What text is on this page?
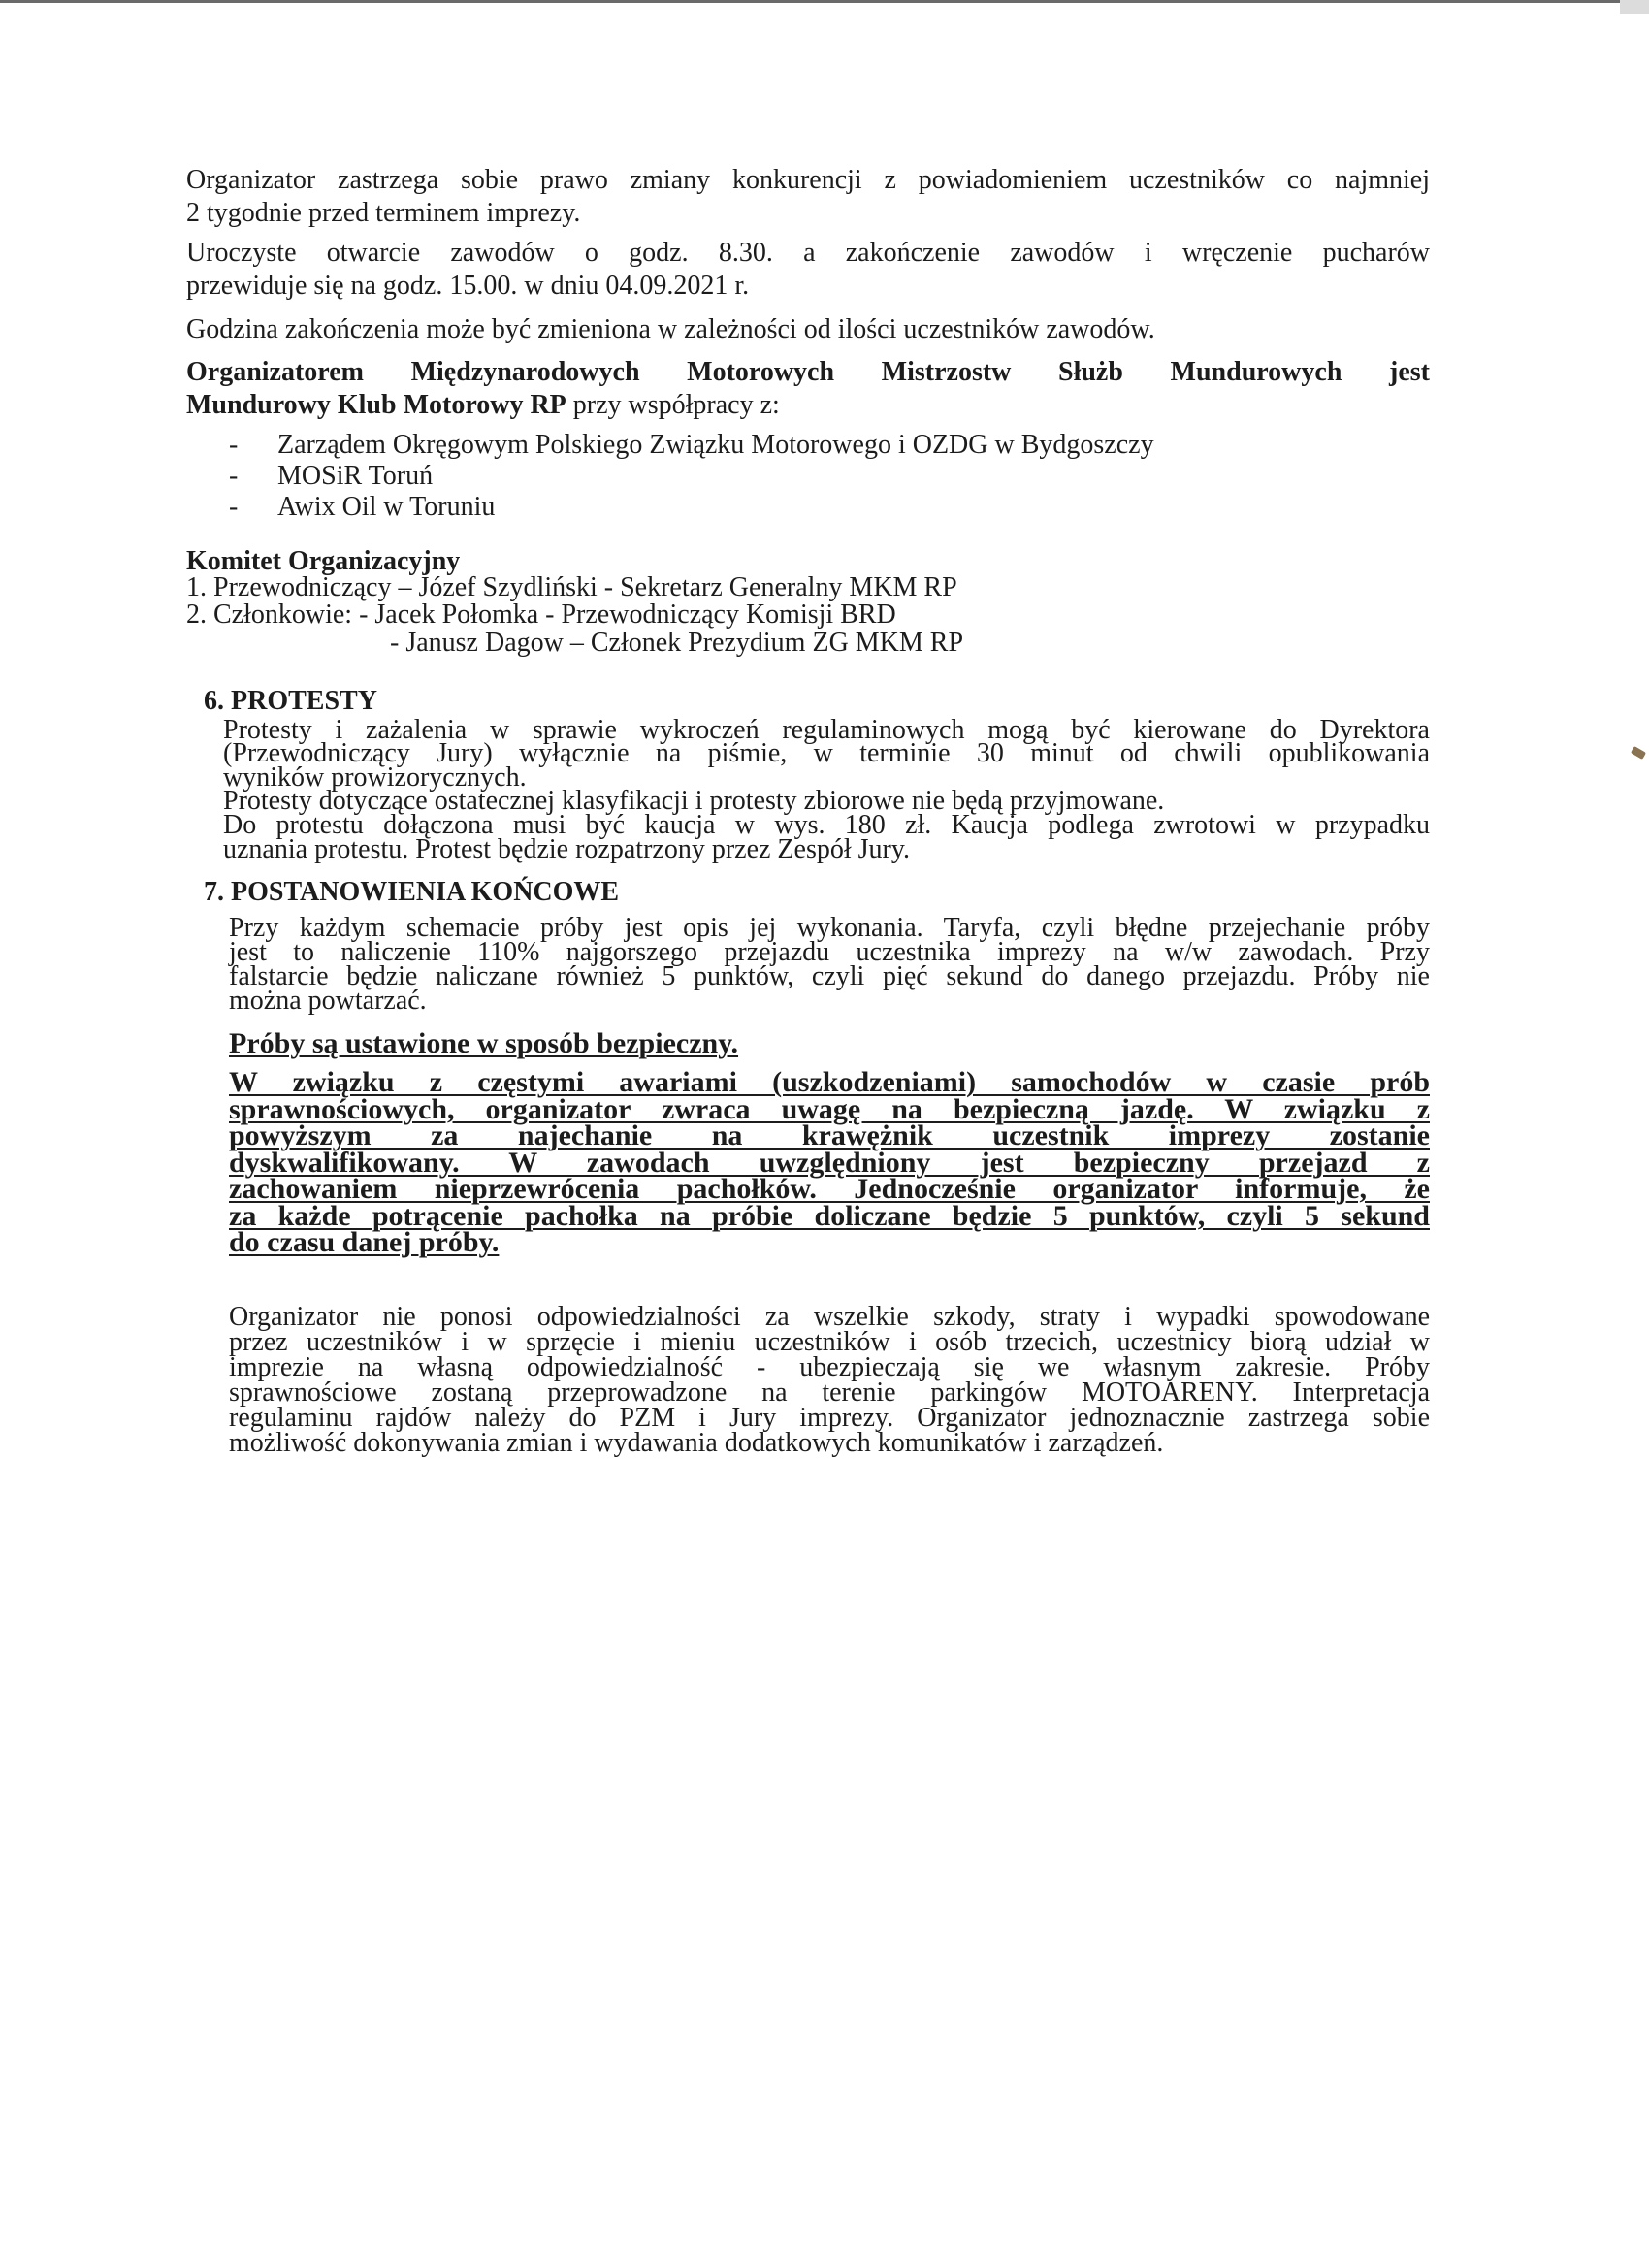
Organizator zastrzega sobie prawo zmiany konkurencji z powiadomieniem uczestników co najmniej

2 tygodnie przed terminem imprezy.

Uroczyste otwarcie zawodów o godz. 8.30. a zakończenie zawodów i wręczenie pucharów

przewiduje się na godz. 15.00. w dniu 04.09.2021 r.

Godzina zakończenia może być zmieniona w zależności od ilości uczestników zawodów.

Organizatorem Międzynarodowych Motorowych Mistrzostw Służb Mundurowych jest

Mundurowy Klub Motorowy RP przy współpracy z:

- Zarządem Okręgowym Polskiego Związku Motorowego i OZDG w Bydgoszczy

- MOSiR Toruń

- Awix Oil w Toruniu

Komitet Organizacyjny

1. Przewodniczący – Józef Szydliński - Sekretarz Generalny MKM RP

2. Członkowie: - Jacek Połomka - Przewodniczący Komisji BRD

- Janusz Dagow – Członek Prezydium ZG MKM RP

6. PROTESTY

Protesty i zażalenia w sprawie wykroczeń regulaminowych mogą być kierowane do Dyrektora

(Przewodniczący Jury) wyłącznie na piśmie, w terminie 30 minut od chwili opublikowania

wyników prowizorycznych.

Protesty dotyczące ostatecznej klasyfikacji i protesty zbiorowe nie będą przyjmowane.

Do protestu dołączona musi być kaucja w wys. 180 zł. Kaucja podlega zwrotowi w przypadku

uznania protestu. Protest będzie rozpatrzony przez Zespół Jury.

7. POSTANOWIENIA KOŃCOWE

Przy każdym schemacie próby jest opis jej wykonania. Taryfa, czyli błędne przejechanie próby

jest to naliczenie 110% najgorszego przejazdu uczestnika imprezy na w/w zawodach. Przy

falstarcie będzie naliczane również 5 punktów, czyli pięć sekund do danego przejazdu. Próby nie

można powtarzać.

Próby są ustawione w sposób bezpieczny.

W związku z częstymi awariami (uszkodzeniami) samochodów w czasie prób

sprawnościowych, organizator zwraca uwagę na bezpieczną jazdę. W związku z

powyższym za najechanie na krawężnik uczestnik imprezy zostanie

dyskwalifikowany. W zawodach uwzględniony jest bezpieczny przejazd z

zachowaniem nieprzewrócenia pachołków. Jednocześnie organizator informuje, że

za każde potrącenie pachołka na próbie doliczane będzie 5 punktów, czyli 5 sekund

do czasu danej próby.

Organizator nie ponosi odpowiedzialności za wszelkie szkody, straty i wypadki spowodowane

przez uczestników i w sprzęcie i mieniu uczestników i osób trzecich, uczestnicy biorą udział w

imprezie na własną odpowiedzialność - ubezpieczają się we własnym zakresie. Próby

sprawnościowe zostaną przeprowadzone na terenie parkingów MOTOARENY. Interpretacja

regulaminu rajdów należy do PZM i Jury imprezy. Organizator jednoznacznie zastrzega sobie

możliwość dokonywania zmian i wydawania dodatkowych komunikatów i zarządzeń.
